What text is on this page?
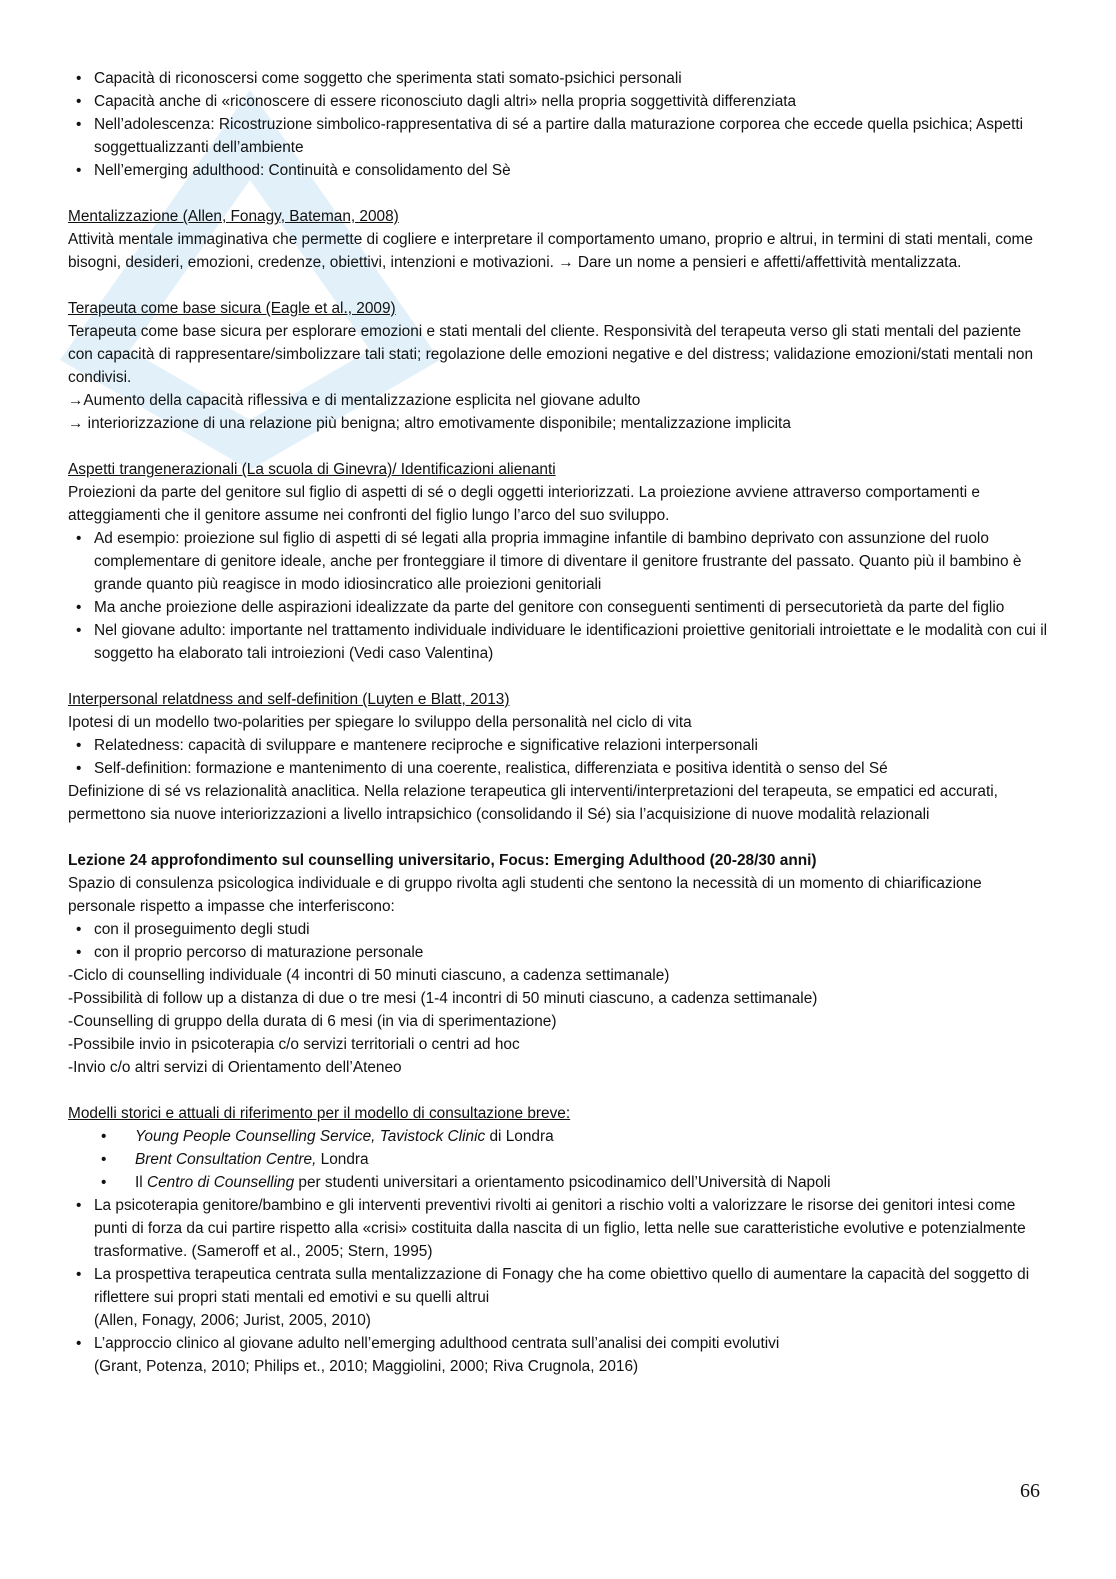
• Capacità di riconoscersi come soggetto che sperimenta stati somato-psichici personali
• Capacità anche di «riconoscere di essere riconosciuto dagli altri» nella propria soggettività differenziata
• Nell’adolescenza: Ricostruzione simbolico-rappresentativa di sé a partire dalla maturazione corporea che eccede quella psichica; Aspetti soggettualizzanti dell’ambiente
• Nell’emerging adulthood: Continuità e consolidamento del Sè

Mentalizzazione (Allen, Fonagy, Bateman, 2008)

Attività mentale immaginativa che permette di cogliere e interpretare il comportamento umano, proprio e altrui, in termini di stati mentali, come bisogni, desideri, emozioni, credenze, obiettivi, intenzioni e motivazioni. → Dare un nome a pensieri e affetti/affettività mentalizzata.

Terapeuta come base sicura (Eagle et al., 2009)

Terapeuta come base sicura per esplorare emozioni e stati mentali del cliente. Responsività del terapeuta verso gli stati mentali del paziente con capacità di rappresentare/simbolizzare tali stati; regolazione delle emozioni negative e del distress; validazione emozioni/stati mentali non condivisi.

→Aumento della capacità riflessiva e di mentalizzazione esplicita nel giovane adulto

→ interiorizzazione di una relazione più benigna; altro emotivamente disponibile; mentalizzazione implicita

Aspetti trangenerazionali (La scuola di Ginevra)/ Identificazioni alienanti

Proiezioni da parte del genitore sul figlio di aspetti di sé o degli oggetti interiorizzati. La proiezione avviene attraverso comportamenti e atteggiamenti che il genitore assume nei confronti del figlio lungo l’arco del suo sviluppo.

• Ad esempio: proiezione sul figlio di aspetti di sé legati alla propria immagine infantile di bambino deprivato con assunzione del ruolo complementare di genitore ideale, anche per fronteggiare il timore di diventare il genitore frustrante del passato. Quanto più il bambino è grande quanto più reagisce in modo idiosincratico alle proiezioni genitoriali
• Ma anche proiezione delle aspirazioni idealizzate da parte del genitore con conseguenti sentimenti di persecutorietà da parte del figlio
• Nel giovane adulto: importante nel trattamento individuale individuare le identificazioni proiettive genitoriali introiettate e le modalità con cui il soggetto ha elaborato tali introiezioni (Vedi caso Valentina)

Interpersonal relatdness and self-definition (Luyten e Blatt, 2013)

Ipotesi di un modello two-polarities per spiegare lo sviluppo della personalità nel ciclo di vita

• Relatedness: capacità di sviluppare e mantenere reciproche e significative relazioni interpersonali
• Self-definition: formazione e mantenimento di una coerente, realistica, differenziata e positiva identità o senso del Sé

Definizione di sé vs relazionalità anaclitica. Nella relazione terapeutica gli interventi/interpretazioni del terapeuta, se empatici ed accurati, permettono sia nuove interiorizzazioni a livello intrapsichico (consolidando il Sé) sia l’acquisizione di nuove modalità relazionali

Lezione 24 approfondimento sul counselling universitario, Focus: Emerging Adulthood (20-28/30 anni)

Spazio di consulenza psicologica individuale e di gruppo rivolta agli studenti che sentono la necessità di un momento di chiarificazione personale rispetto a impasse che interferiscono:

• con il proseguimento degli studi
• con il proprio percorso di maturazione personale

-Ciclo di counselling individuale (4 incontri di 50 minuti ciascuno, a cadenza settimanale)

-Possibilità di follow up a distanza di due o tre mesi (1-4 incontri di 50 minuti ciascuno, a cadenza settimanale)

-Counselling di gruppo della durata di 6 mesi (in via di sperimentazione)

-Possibile invio in psicoterapia c/o servizi territoriali o centri ad hoc

-Invio c/o altri servizi di Orientamento dell’Ateneo

Modelli storici e attuali di riferimento per il modello di consultazione breve:

• Young People Counselling Service, Tavistock Clinic di Londra
• Brent Consultation Centre, Londra
• Il Centro di Counselling per studenti universitari a orientamento psicodinamico dell’Università di Napoli
• La psicoterapia genitore/bambino e gli interventi preventivi rivolti ai genitori a rischio volti a valorizzare le risorse dei genitori intesi come punti di forza da cui partire rispetto alla «crisi» costituita dalla nascita di un figlio, letta nelle sue caratteristiche evolutive e potenzialmente trasformative. (Sameroff et al., 2005; Stern, 1995)
• La prospettiva terapeutica centrata sulla mentalizzazione di Fonagy che ha come obiettivo quello di aumentare la capacità del soggetto di riflettere sui propri stati mentali ed emotivi e su quelli altrui
(Allen, Fonagy, 2006; Jurist, 2005, 2010)
• L’approccio clinico al giovane adulto nell’emerging adulthood centrata sull’analisi dei compiti evolutivi
(Grant, Potenza, 2010; Philips et., 2010; Maggiolini, 2000; Riva Crugnola, 2016)
66
